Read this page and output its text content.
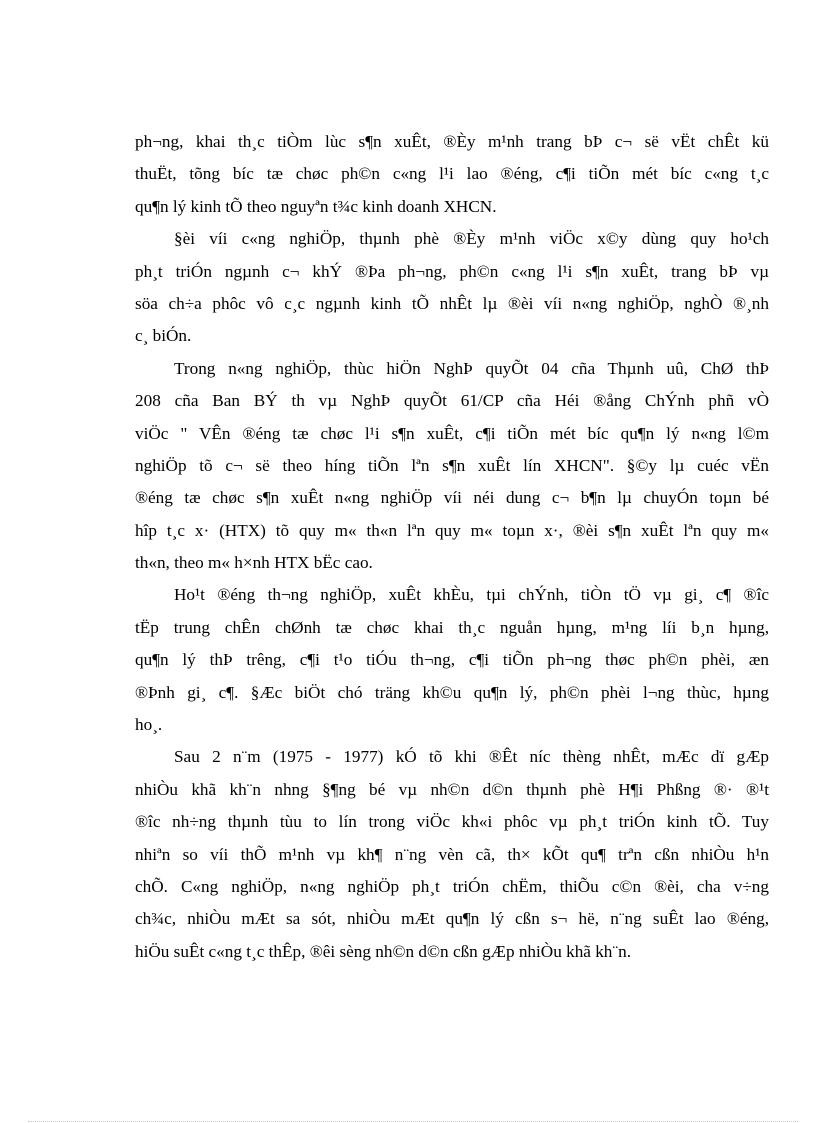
ph¬ng, khai th¸c tiÒm lùc s¶n xuÊt, ®Èy m¹nh trang bÞ c¬ së vËt chÊt kü
thuËt, tõng bíc tæ chøc ph©n c«ng l¹i lao ®éng, c¶i tiÕn mét bíc c«ng t¸c
qu¶n lý kinh tÕ theo nguyªn t¾c kinh doanh XHCN.
§èi víi c«ng nghiÖp, thµnh phè ®Èy m¹nh viÖc x©y dùng quy ho¹ch
ph¸t triÓn ngµnh c¬ khÝ ®Þa ph¬ng, ph©n c«ng l¹i s¶n xuÊt, trang bÞ vµ
söa ch÷a phôc vô c¸c ngµnh kinh tÕ nhÊt lµ ®èi víi n«ng nghiÖp, nghÒ ®¸nh
c¸ biÓn.
Trong n«ng nghiÖp, thùc hiÖn NghÞ quyÕt 04 cña Thµnh uû, ChØ thÞ
208 cña Ban BÝ th vµ NghÞ quyÕt 61/CP cña Héi ®ång ChÝnh phñ vÒ
viÖc " VÊn ®éng tæ chøc l¹i s¶n xuÊt, c¶i tiÕn mét bíc qu¶n lý n«ng l©m
nghiÖp tõ c¬ së theo híng tiÕn lªn s¶n xuÊt lín XHCN". §©y lµ cuéc vËn
®éng tæ chøc s¶n xuÊt n«ng nghiÖp víi néi dung c¬ b¶n lµ chuyÓn toµn bé
hîp t¸c x· (HTX) tõ quy m« th«n lªn quy m« toµn x·, ®èi s¶n xuÊt lªn quy m«
th«n, theo m« h×nh HTX bËc cao.
Ho¹t ®éng th¬ng nghiÖp, xuÊt khÈu, tµi chÝnh, tiÒn tÖ vµ gi¸ c¶ ®îc
tËp trung chÊn chØnh tæ chøc khai th¸c nguån hµng, m¹ng líi b¸n hµng,
qu¶n lý thÞ trêng, c¶i t¹o tiÓu th¬ng, c¶i tiÕn ph¬ng thøc ph©n phèi, æn
®Þnh gi¸ c¶. §Æc biÖt chó träng kh©u qu¶n lý, ph©n phèi l¬ng thùc, hµng
ho¸.
Sau 2 n¨m (1975 - 1977) kÓ tõ khi ®Êt níc thèng nhÊt, mÆc dï gÆp
nhiÒu khã kh¨n nhng §¶ng bé vµ nh©n d©n thµnh phè H¶i Phßng ®· ®¹t
®îc nh÷ng thµnh tùu to lín trong viÖc kh«i phôc vµ ph¸t triÓn kinh tÕ. Tuy
nhiªn so víi thÕ m¹nh vµ kh¶ n¨ng vèn cã, th× kÕt qu¶ trªn cßn nhiÒu h¹n
chÕ. C«ng nghiÖp, n«ng nghiÖp ph¸t triÓn chËm, thiÕu c©n ®èi, cha v÷ng
ch¾c, nhiÒu mÆt sa sót, nhiÒu mÆt qu¶n lý cßn s¬ hë, n¨ng suÊt lao ®éng,
hiÖu suÊt c«ng t¸c thÊp, ®êi sèng nh©n d©n cßn gÆp nhiÒu khã kh¨n.
